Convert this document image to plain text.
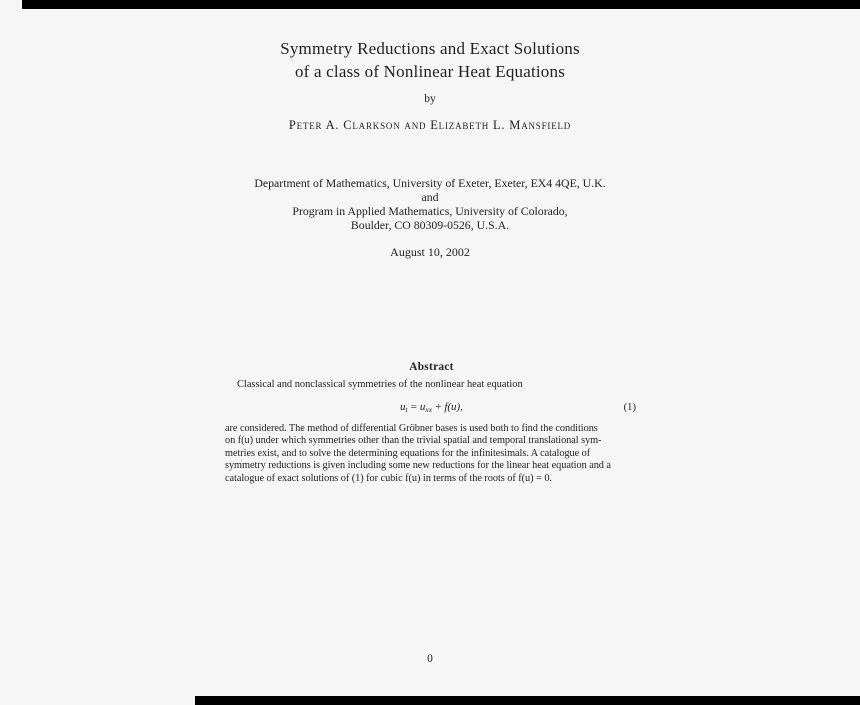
Symmetry Reductions and Exact Solutions
of a class of Nonlinear Heat Equations
by
Peter A. Clarkson and Elizabeth L. Mansfield
Department of Mathematics, University of Exeter, Exeter, EX4 4QE, U.K.
and
Program in Applied Mathematics, University of Colorado,
Boulder, CO 80309-0526, U.S.A.
August 10, 2002
Abstract
Classical and nonclassical symmetries of the nonlinear heat equation
$u_t = u_{xx} + f(u)$,	(1)
are considered. The method of differential Gröbner bases is used both to find the conditions
on f(u) under which symmetries other than the trivial spatial and temporal translational sym-
metries exist, and to solve the determining equations for the infinitesimals. A catalogue of
symmetry reductions is given including some new reductions for the linear heat equation and a
catalogue of exact solutions of (1) for cubic f(u) in terms of the roots of f(u) = 0.
0
